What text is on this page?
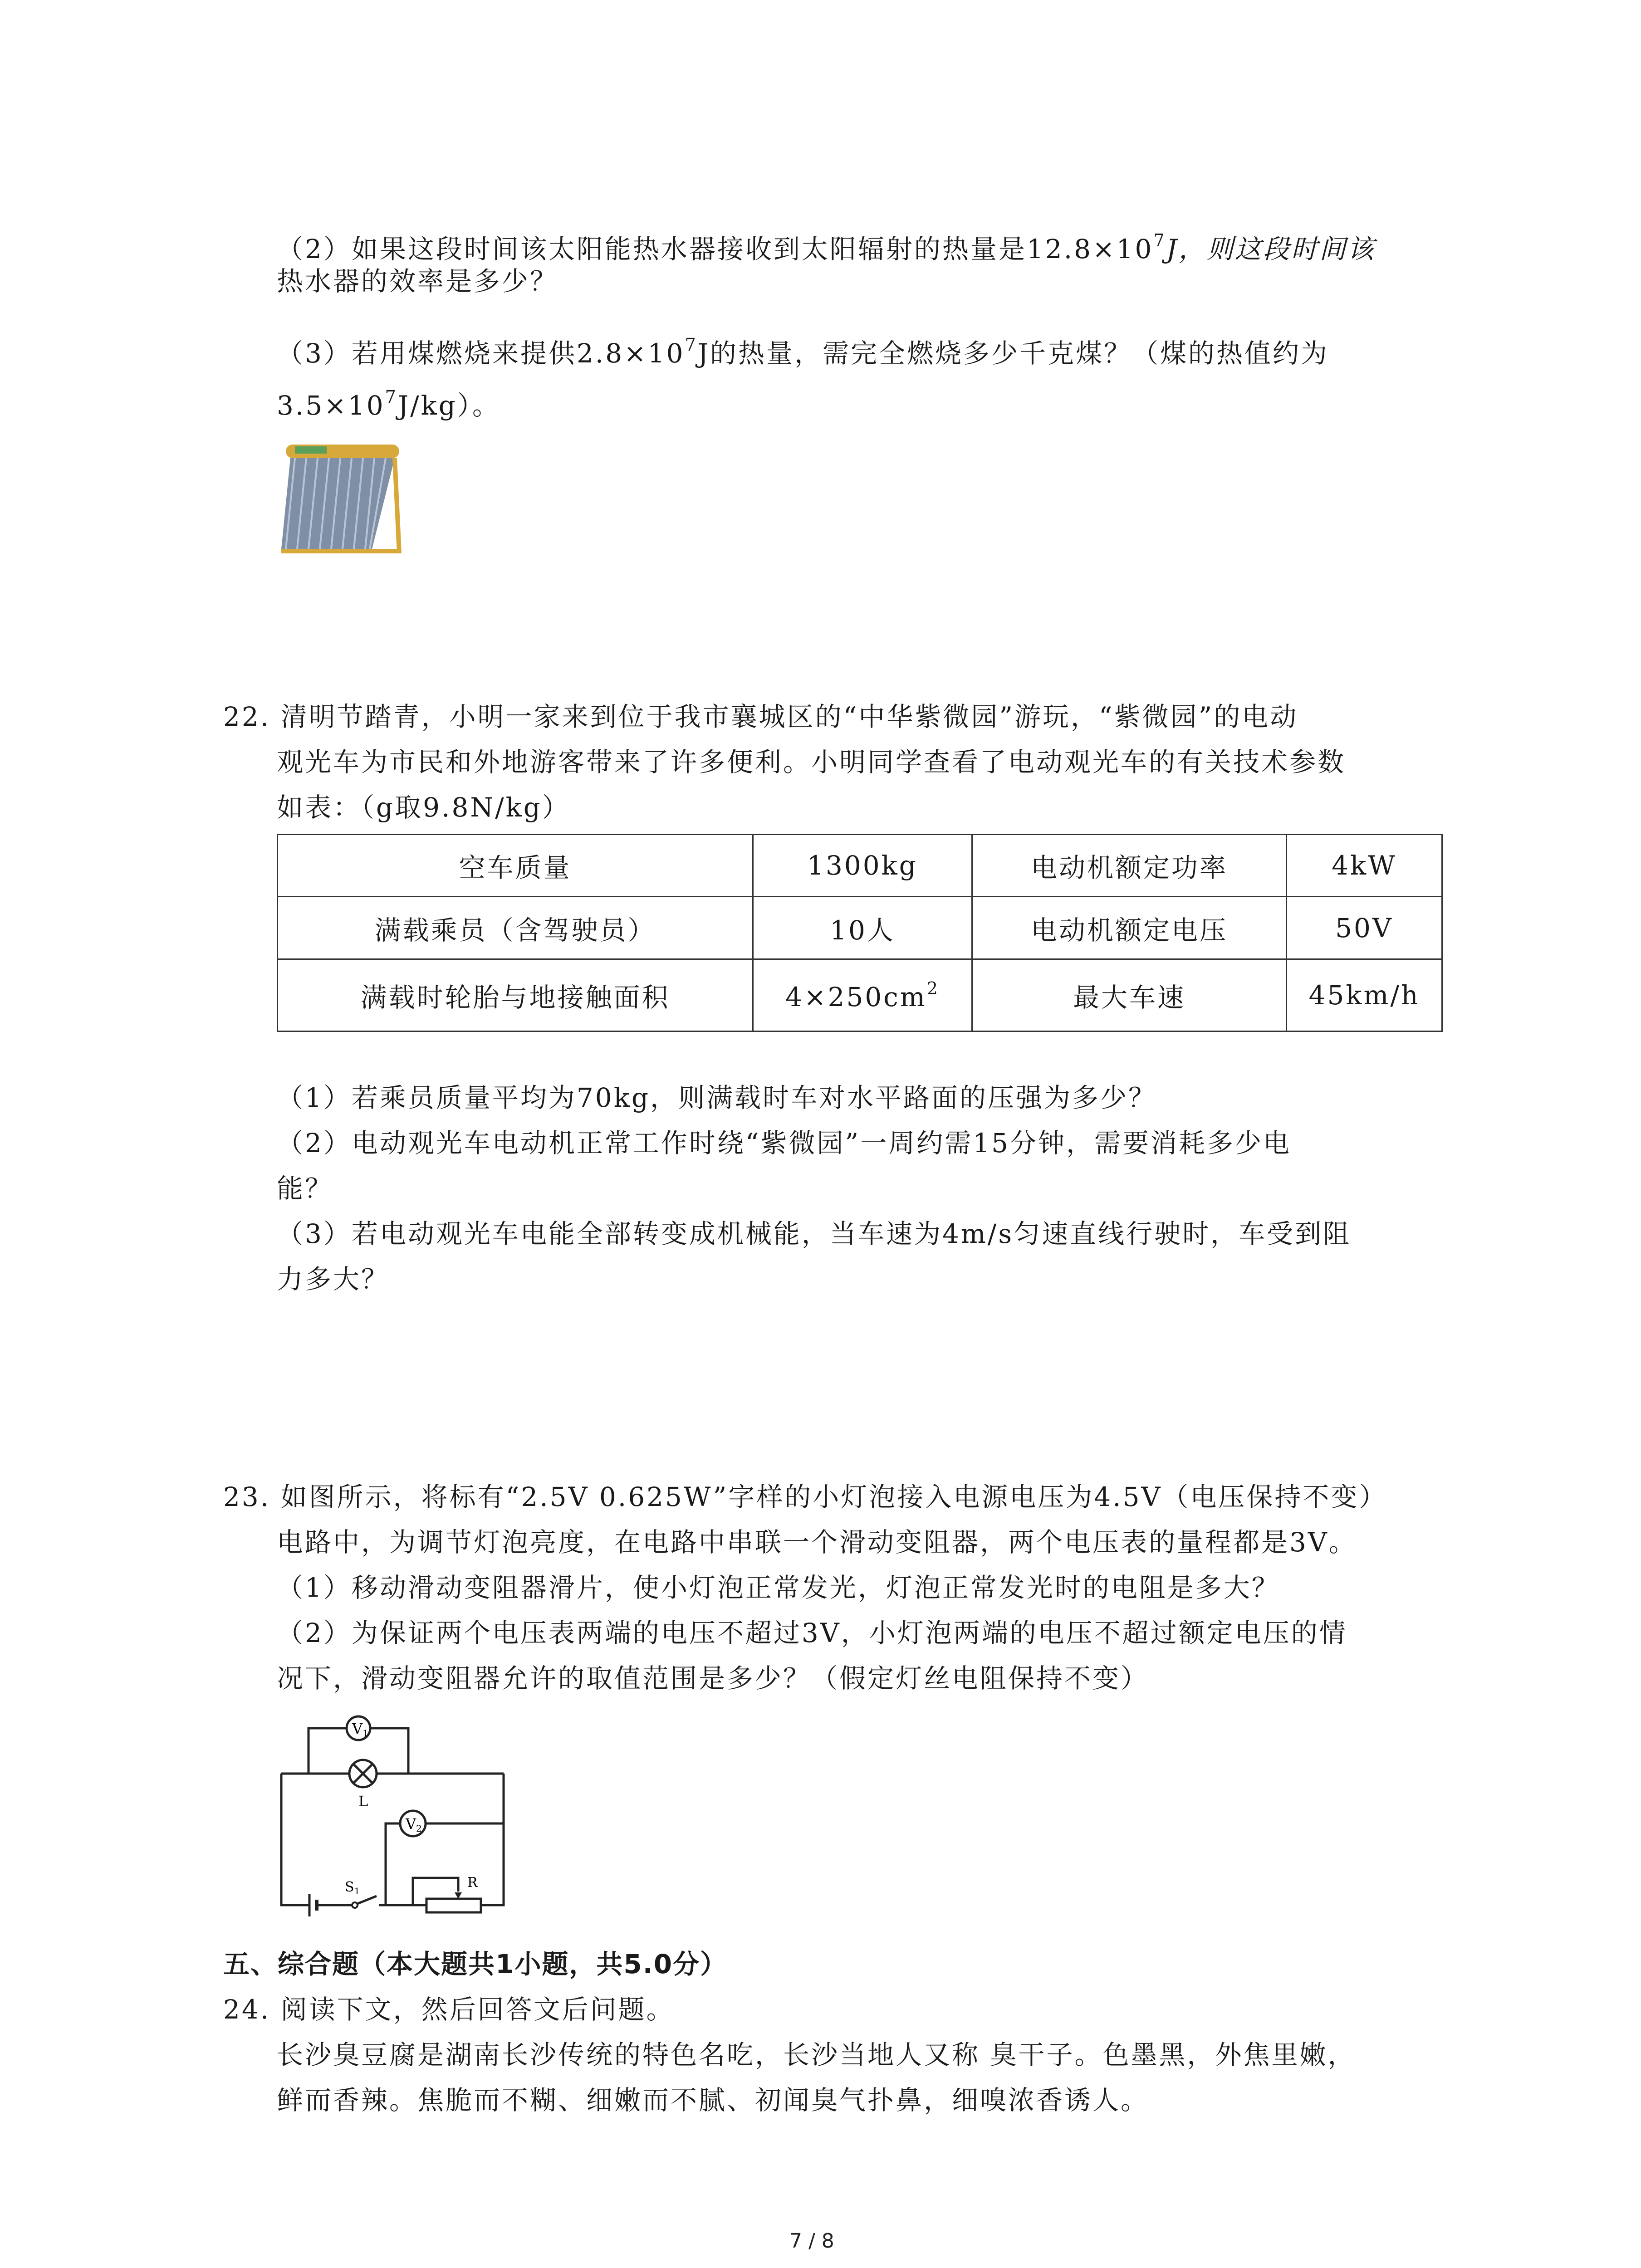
（2）如果这段时间该太阳能热水器接收到太阳辐射的热量是$12.8\times 10^7J$，则这段时间该
热水器的效率是多少？
（3）若用煤燃烧来提供$2.8\times 10^7J$的热量，需完全燃烧多少千克煤？（煤的热值约为
$3.5\times 10^7J/kg$）。
22. 清明节踏青，小明一家来到位于我市襄城区的“中华紫微园”游玩，“紫微园”的电动
观光车为市民和外地游客带来了许多便利。小明同学查看了电动观光车的有关技术参数
如表：（g取9.8N/kg）
空车质量	1300kg	电动机额定功率	4kW
满载乘员（含驾驶员）	10人	电动机额定电压	50V
满载时轮胎与地接触面积	$4\times 250cm^2$	最大车速	45km/h
（1）若乘员质量平均为70kg，则满载时车对水平路面的压强为多少？
（2）电动观光车电动机正常工作时绕“紫微园”一周约需15分钟，需要消耗多少电
能？
（3）若电动观光车电能全部转变成机械能，当车速为4m/s匀速直线行驶时，车受到阻
力多大？
23. 如图所示，将标有“2.5V 0.625W”字样的小灯泡接入电源电压为4.5V（电压保持不变）
电路中，为调节灯泡亮度，在电路中串联一个滑动变阻器，两个电压表的量程都是3V。
（1）移动滑动变阻器滑片，使小灯泡正常发光，灯泡正常发光时的电阻是多大？
（2）为保证两个电压表两端的电压不超过3V，小灯泡两端的电压不超过额定电压的情
况下，滑动变阻器允许的取值范围是多少？（假定灯丝电阻保持不变）
V1
L
V2
$S_1$
R
五、综合题（本大题共1小题，共5.0分）
24. 阅读下文，然后回答文后问题。
长沙臭豆腐是湖南长沙传统的特色名吃，长沙当地人又称 臭干子。色墨黑，外焦里嫩，
鲜而香辣。焦脆而不糊、细嫩而不腻、初闻臭气扑鼻，细嗅浓香诱人。
7 / 8
